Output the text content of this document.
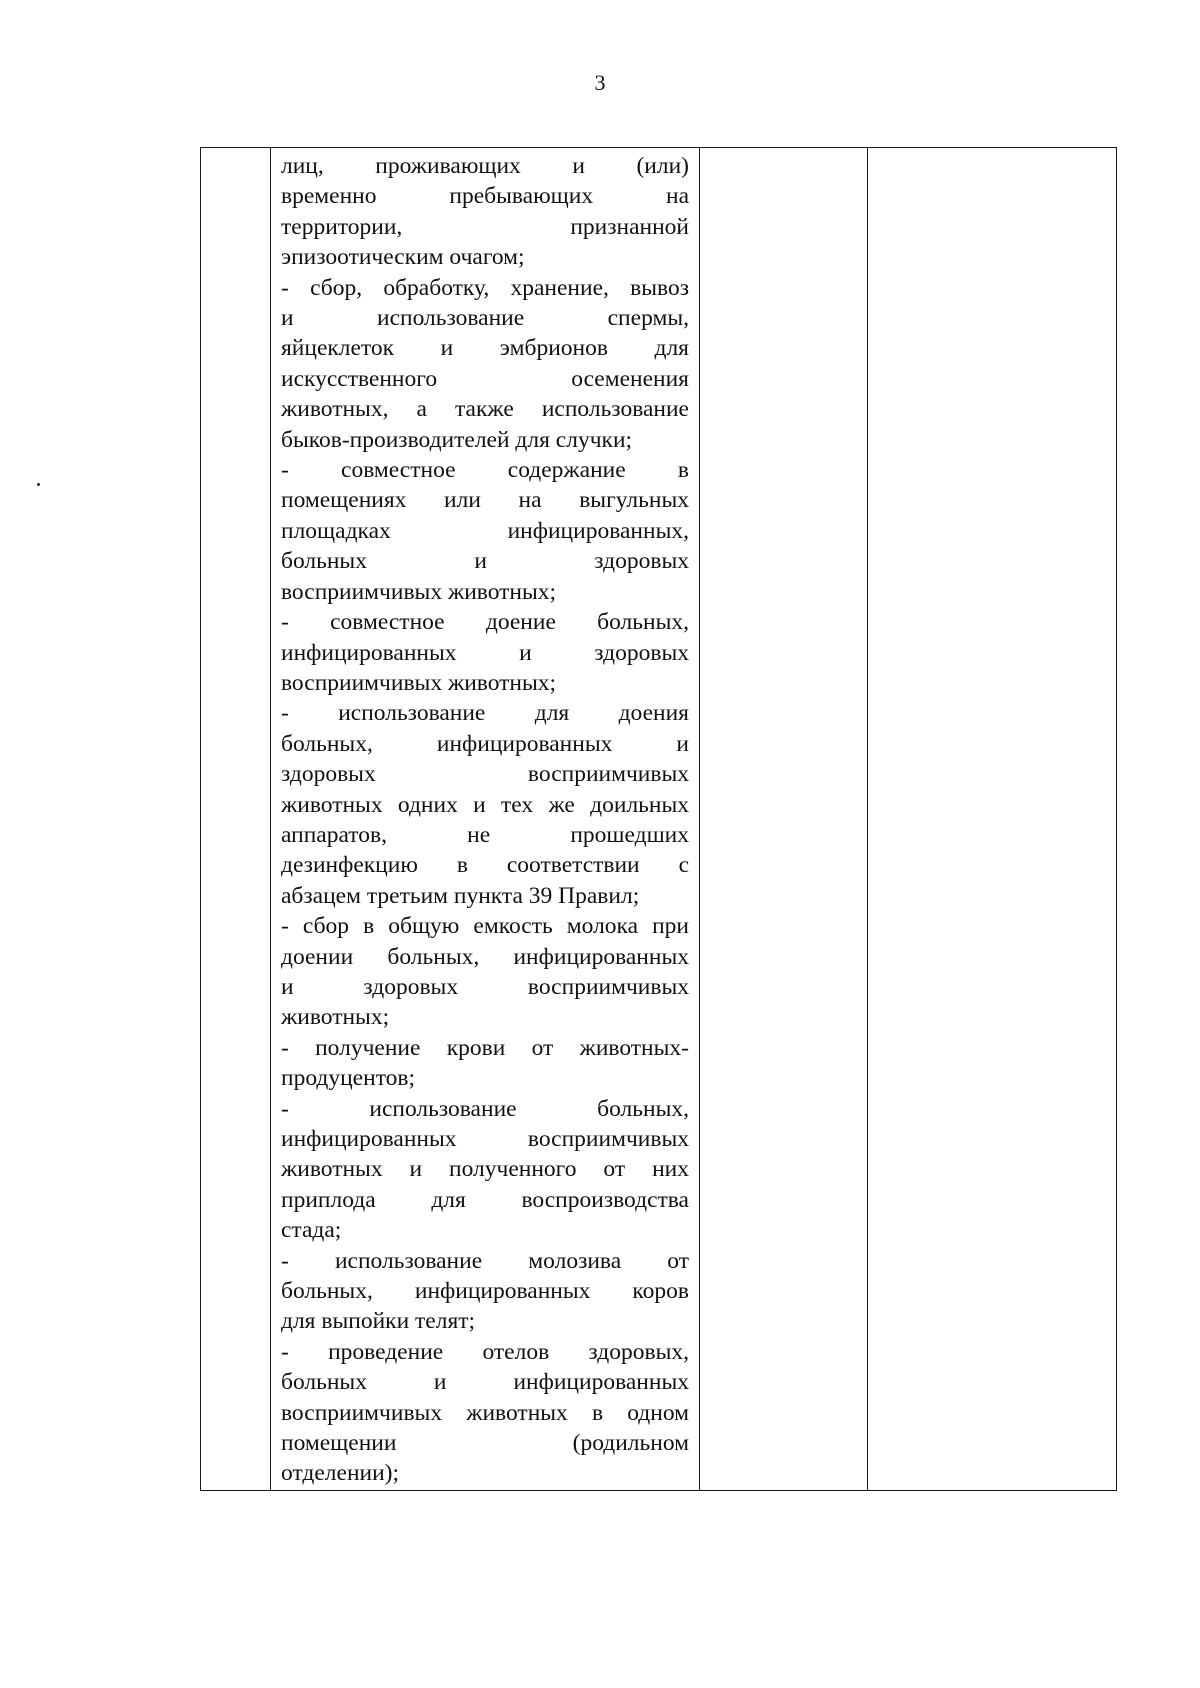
3

лиц, проживающих и (или)
временно пребывающих на
территории, признанной
эпизоотическим очагом;
- сбор, обработку, хранение, вывоз
и использование спермы,
яйцеклеток и эмбрионов для
искусственного осеменения
животных, а также использование
быков-производителей для случки;
- совместное содержание в
помещениях или на выгульных
площадках инфицированных,
больных и здоровых
восприимчивых животных;
- совместное доение больных,
инфицированных и здоровых
восприимчивых животных;
- использование для доения
больных, инфицированных и
здоровых восприимчивых
животных одних и тех же доильных
аппаратов, не прошедших
дезинфекцию в соответствии с
абзацем третьим пункта 39 Правил;
- сбор в общую емкость молока при
доении больных, инфицированных
и здоровых восприимчивых
животных;
- получение крови от животных-
продуцентов;
- использование больных,
инфицированных восприимчивых
животных и полученного от них
приплода для воспроизводства
стада;
- использование молозива от
больных, инфицированных коров
для выпойки телят;
- проведение отелов здоровых,
больных и инфицированных
восприимчивых животных в одном
помещении (родильном
отделении);
